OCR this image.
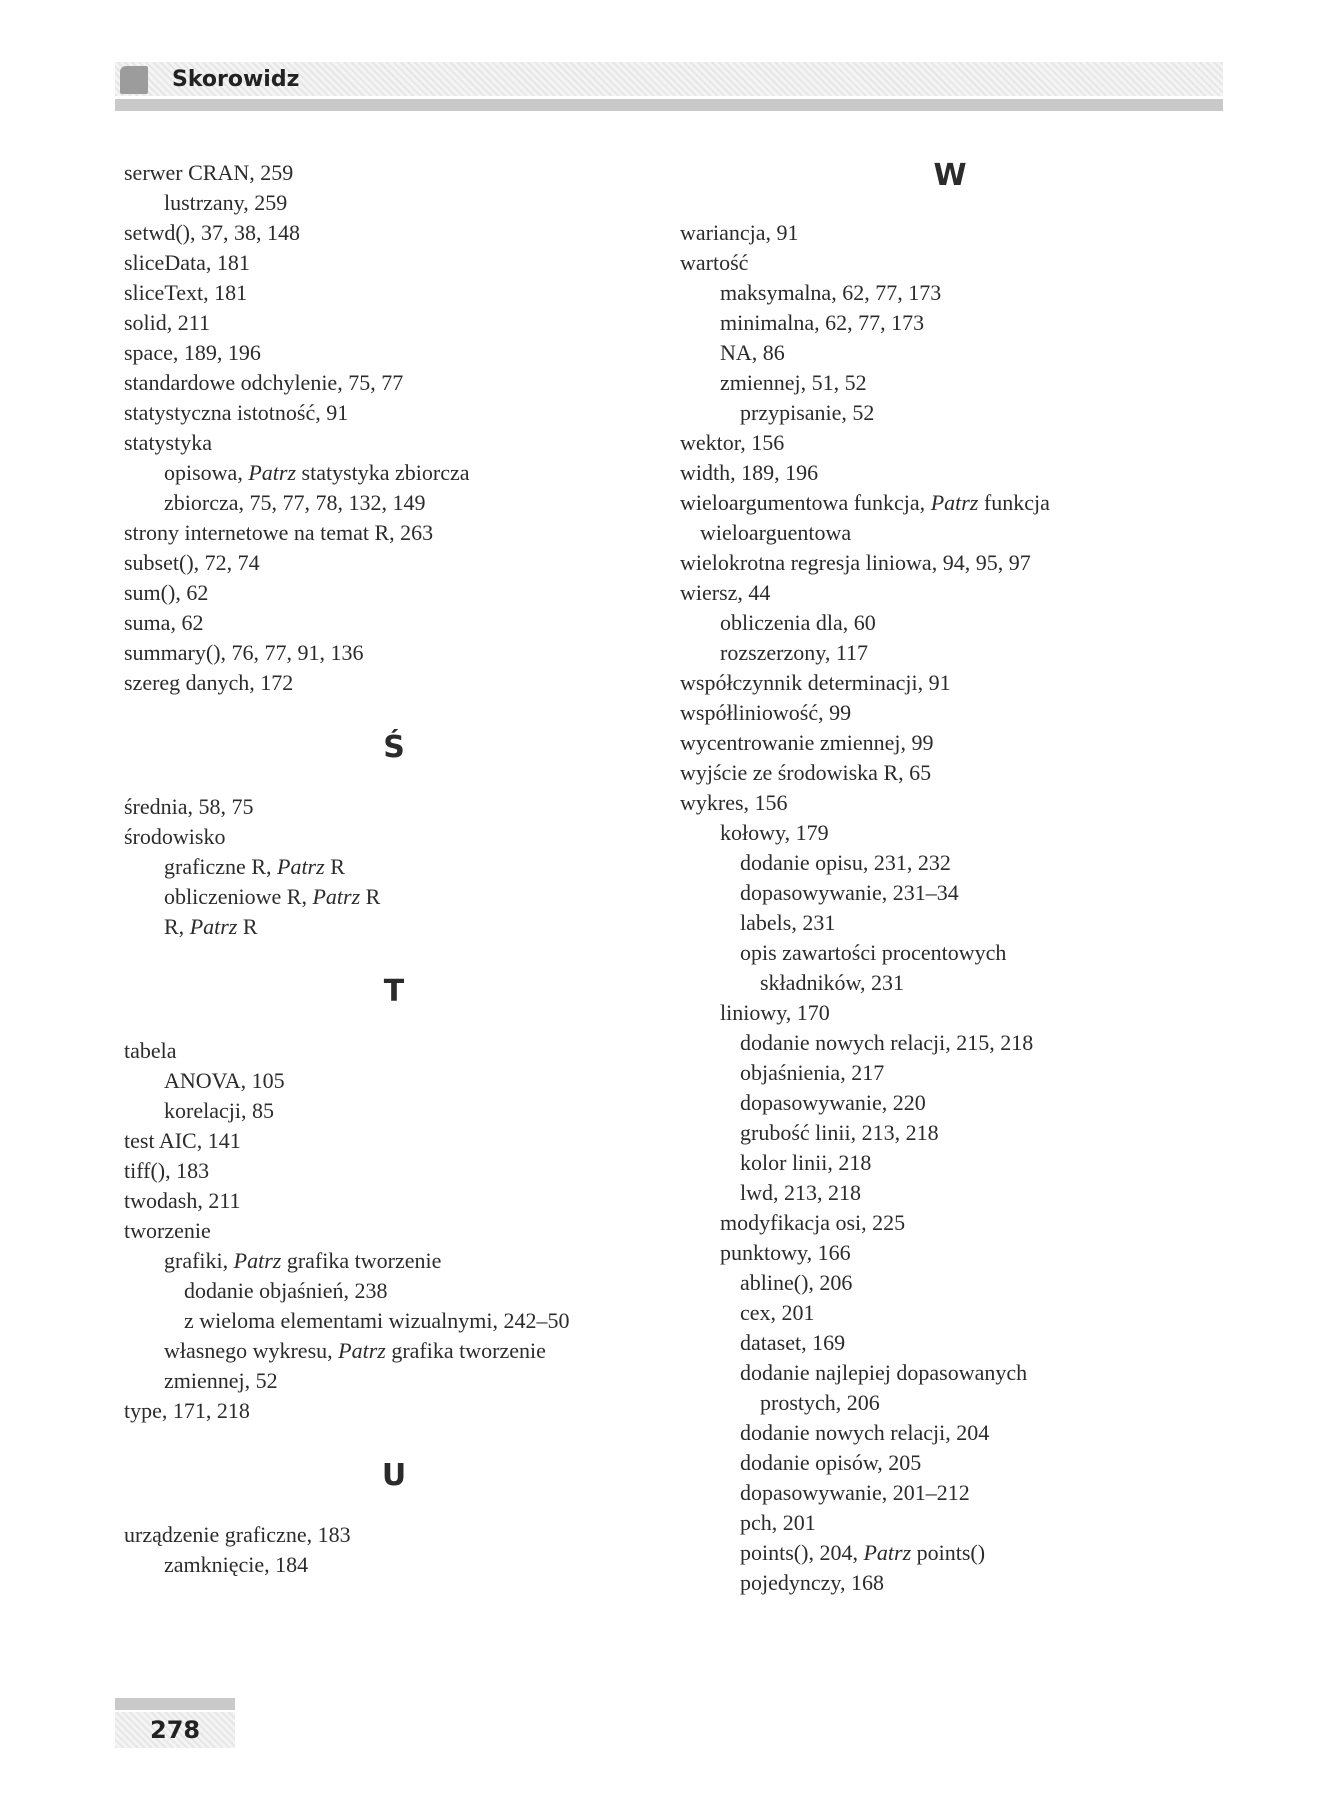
Skorowidz
serwer CRAN, 259
lustrzany, 259
setwd(), 37, 38, 148
sliceData, 181
sliceText, 181
solid, 211
space, 189, 196
standardowe odchylenie, 75, 77
statystyczna istotność, 91
statystyka
opisowa, Patrz statystyka zbiorcza
zbiorcza, 75, 77, 78, 132, 149
strony internetowe na temat R, 263
subset(), 72, 74
sum(), 62
suma, 62
summary(), 76, 77, 91, 136
szereg danych, 172
Ś
średnia, 58, 75
środowisko
graficzne R, Patrz R
obliczeniowe R, Patrz R
R, Patrz R
T
tabela
ANOVA, 105
korelacji, 85
test AIC, 141
tiff(), 183
twodash, 211
tworzenie
grafiki, Patrz grafika tworzenie
dodanie objaśnień, 238
z wieloma elementami wizualnymi, 242–50
własnego wykresu, Patrz grafika tworzenie
zmiennej, 52
type, 171, 218
U
urządzenie graficzne, 183
zamknięcie, 184
W
wariancja, 91
wartość
maksymalna, 62, 77, 173
minimalna, 62, 77, 173
NA, 86
zmiennej, 51, 52
przypisanie, 52
wektor, 156
width, 189, 196
wieloargumentowa funkcja, Patrz funkcja
wieloarguentowa
wielokrotna regresja liniowa, 94, 95, 97
wiersz, 44
obliczenia dla, 60
rozszerzony, 117
współczynnik determinacji, 91
współliniowość, 99
wycentrowanie zmiennej, 99
wyjście ze środowiska R, 65
wykres, 156
kołowy, 179
dodanie opisu, 231, 232
dopasowywanie, 231–34
labels, 231
opis zawartości procentowych
składników, 231
liniowy, 170
dodanie nowych relacji, 215, 218
objaśnienia, 217
dopasowywanie, 220
grubość linii, 213, 218
kolor linii, 218
lwd, 213, 218
modyfikacja osi, 225
punktowy, 166
abline(), 206
cex, 201
dataset, 169
dodanie najlepiej dopasowanych
prostych, 206
dodanie nowych relacji, 204
dodanie opisów, 205
dopasowywanie, 201–212
pch, 201
points(), 204, Patrz points()
pojedynczy, 168
278
